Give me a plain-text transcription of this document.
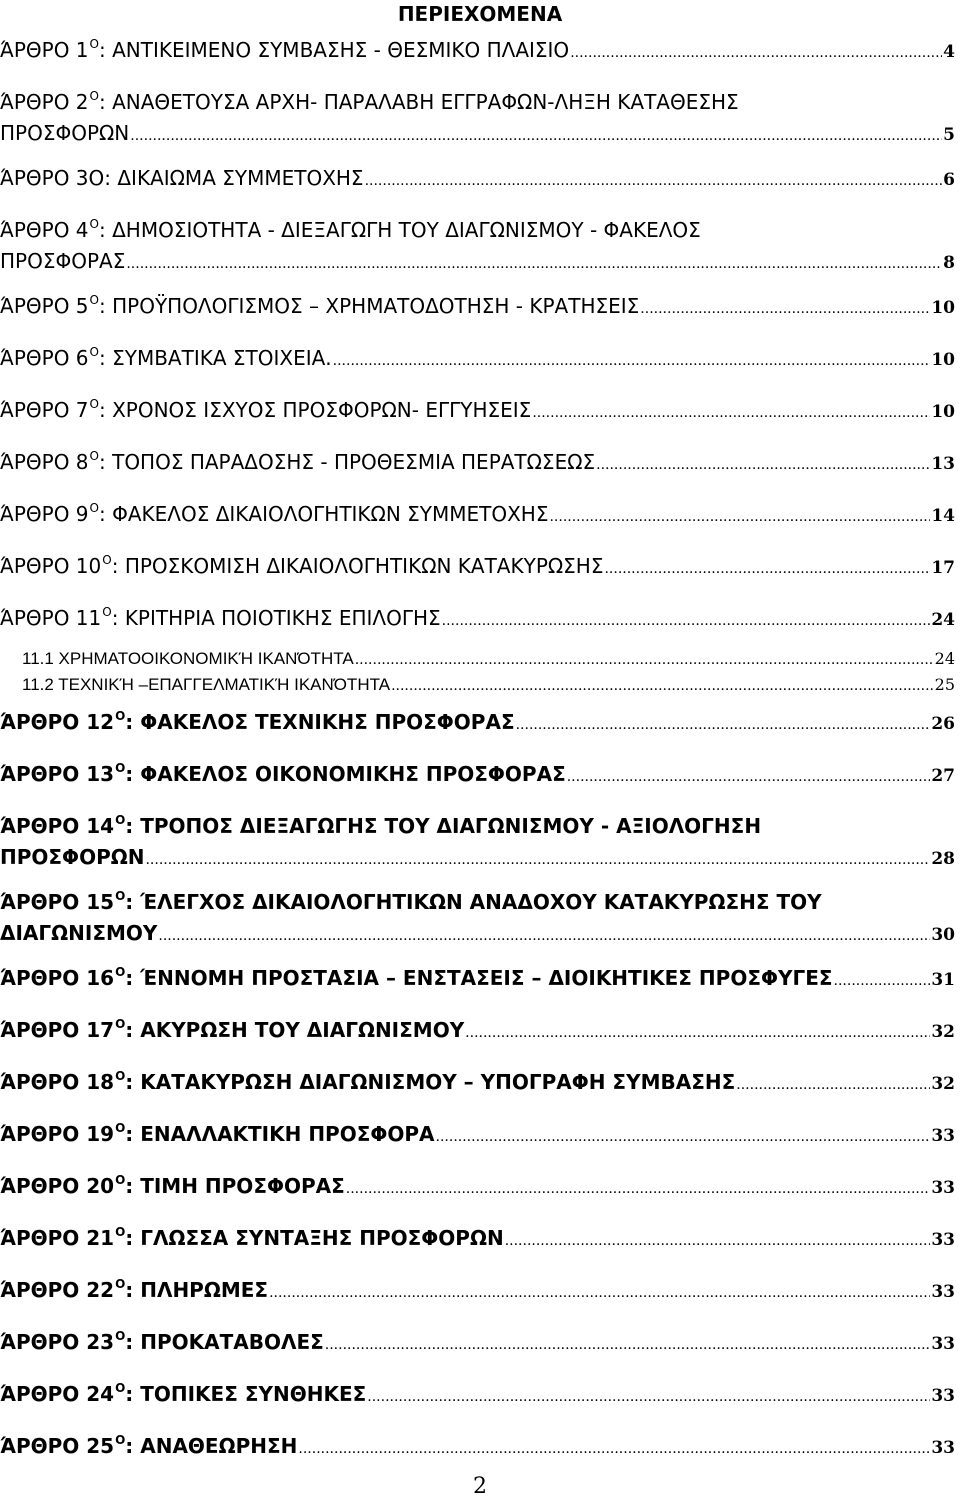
ΠΕΡΙΕΧΟΜΕΝΑ
ΆΡΘΡΟ $1^O$: ΑΝΤΙΚΕΙΜΕΝΟ ΣΥΜΒΑΣΗΣ - ΘΕΣΜΙΚΟ ΠΛΑΙΣΙΟ .....	4
ΆΡΘΡΟ $2^O$: ΑΝΑΘΕΤΟΥΣΑ ΑΡΧΗ- ΠΑΡΑΛΑΒΗ ΕΓΓΡΑΦΩΝ-ΛΗΞΗ ΚΑΤΑΘΕΣΗΣ
ΠΡΟΣΦΟΡΩΝ .....	5
ΆΡΘΡΟ 3Ο: ΔΙΚΑΙΩΜΑ ΣΥΜΜΕΤΟΧΗΣ .....	6
ΆΡΘΡΟ $4^O$: ΔΗΜΟΣΙΟΤΗΤΑ - ΔΙΕΞΑΓΩΓΗ ΤΟΥ ΔΙΑΓΩΝΙΣΜΟΥ - ΦΑΚΕΛΟΣ
ΠΡΟΣΦΟΡΑΣ .....	8
ΆΡΘΡΟ $5^O$: ΠΡΟΫΠΟΛΟΓΙΣΜΟΣ – ΧΡΗΜΑΤΟΔΟΤΗΣΗ - ΚΡΑΤΗΣΕΙΣ .....	10
ΆΡΘΡΟ $6^O$: ΣΥΜΒΑΤΙΚΑ ΣΤΟΙΧΕΙΑ. .....	10
ΆΡΘΡΟ $7^O$: ΧΡΟΝΟΣ ΙΣΧΥΟΣ ΠΡΟΣΦΟΡΩΝ- ΕΓΓΥΗΣΕΙΣ .....	10
ΆΡΘΡΟ $8^O$: ΤΟΠΟΣ ΠΑΡΑΔΟΣΗΣ - ΠΡΟΘΕΣΜΙΑ ΠΕΡΑΤΩΣΕΩΣ .....	13
ΆΡΘΡΟ $9^O$: ΦΑΚΕΛΟΣ ΔΙΚΑΙΟΛΟΓΗΤΙΚΩΝ ΣΥΜΜΕΤΟΧΗΣ .....	14
ΆΡΘΡΟ $10^O$: ΠΡΟΣΚΟΜΙΣΗ ΔΙΚΑΙΟΛΟΓΗΤΙΚΩΝ ΚΑΤΑΚΥΡΩΣΗΣ .....	17
ΆΡΘΡΟ $11^O$: ΚΡΙΤΗΡΙΑ ΠΟΙΟΤΙΚΗΣ ΕΠΙΛΟΓΗΣ .....	24
11.1 ΧΡΗΜΑΤΟΟΙΚΟΝΟΜΙΚΉ ΙΚΑΝΌΤΗΤΑ .....	24
11.2 ΤΕΧΝΙΚΉ –ΕΠΑΓΓΕΛΜΑΤΙΚΉ ΙΚΑΝΌΤΗΤΑ .....	25
ΆΡΘΡΟ $12^O$: ΦΑΚΕΛΟΣ ΤΕΧΝΙΚΗΣ ΠΡΟΣΦΟΡΑΣ .....	26
ΆΡΘΡΟ $13^O$: ΦΑΚΕΛΟΣ ΟΙΚΟΝΟΜΙΚΗΣ ΠΡΟΣΦΟΡΑΣ .....	27
ΆΡΘΡΟ $14^O$: ΤΡΟΠΟΣ ΔΙΕΞΑΓΩΓΗΣ ΤΟΥ ΔΙΑΓΩΝΙΣΜΟΥ - ΑΞΙΟΛΟΓΗΣΗ
ΠΡΟΣΦΟΡΩΝ .....	28
ΆΡΘΡΟ $15^O$: ΈΛΕΓΧΟΣ ΔΙΚΑΙΟΛΟΓΗΤΙΚΩΝ ΑΝΑΔΟΧΟΥ ΚΑΤΑΚΥΡΩΣΗΣ ΤΟΥ
ΔΙΑΓΩΝΙΣΜΟΥ .....	30
ΆΡΘΡΟ $16^O$: ΈΝΝΟΜΗ ΠΡΟΣΤΑΣΙΑ – ΕΝΣΤΑΣΕΙΣ – ΔΙΟΙΚΗΤΙΚΕΣ ΠΡΟΣΦΥΓΕΣ .....	31
ΆΡΘΡΟ $17^O$: ΑΚΥΡΩΣΗ ΤΟΥ ΔΙΑΓΩΝΙΣΜΟΥ .....	32
ΆΡΘΡΟ $18^O$: ΚΑΤΑΚΥΡΩΣΗ ΔΙΑΓΩΝΙΣΜΟΥ – ΥΠΟΓΡΑΦΗ ΣΥΜΒΑΣΗΣ .....	32
ΆΡΘΡΟ $19^O$: ΕΝΑΛΛΑΚΤΙΚΗ ΠΡΟΣΦΟΡΑ .....	33
ΆΡΘΡΟ $20^O$: ΤΙΜΗ ΠΡΟΣΦΟΡΑΣ .....	33
ΆΡΘΡΟ $21^O$: ΓΛΩΣΣΑ ΣΥΝΤΑΞΗΣ ΠΡΟΣΦΟΡΩΝ .....	33
ΆΡΘΡΟ $22^O$: ΠΛΗΡΩΜΕΣ .....	33
ΆΡΘΡΟ $23^O$: ΠΡΟΚΑΤΑΒΟΛΕΣ .....	33
ΆΡΘΡΟ $24^O$: ΤΟΠΙΚΕΣ ΣΥΝΘΗΚΕΣ .....	33
ΆΡΘΡΟ $25^O$: ΑΝΑΘΕΩΡΗΣΗ .....	33
2
